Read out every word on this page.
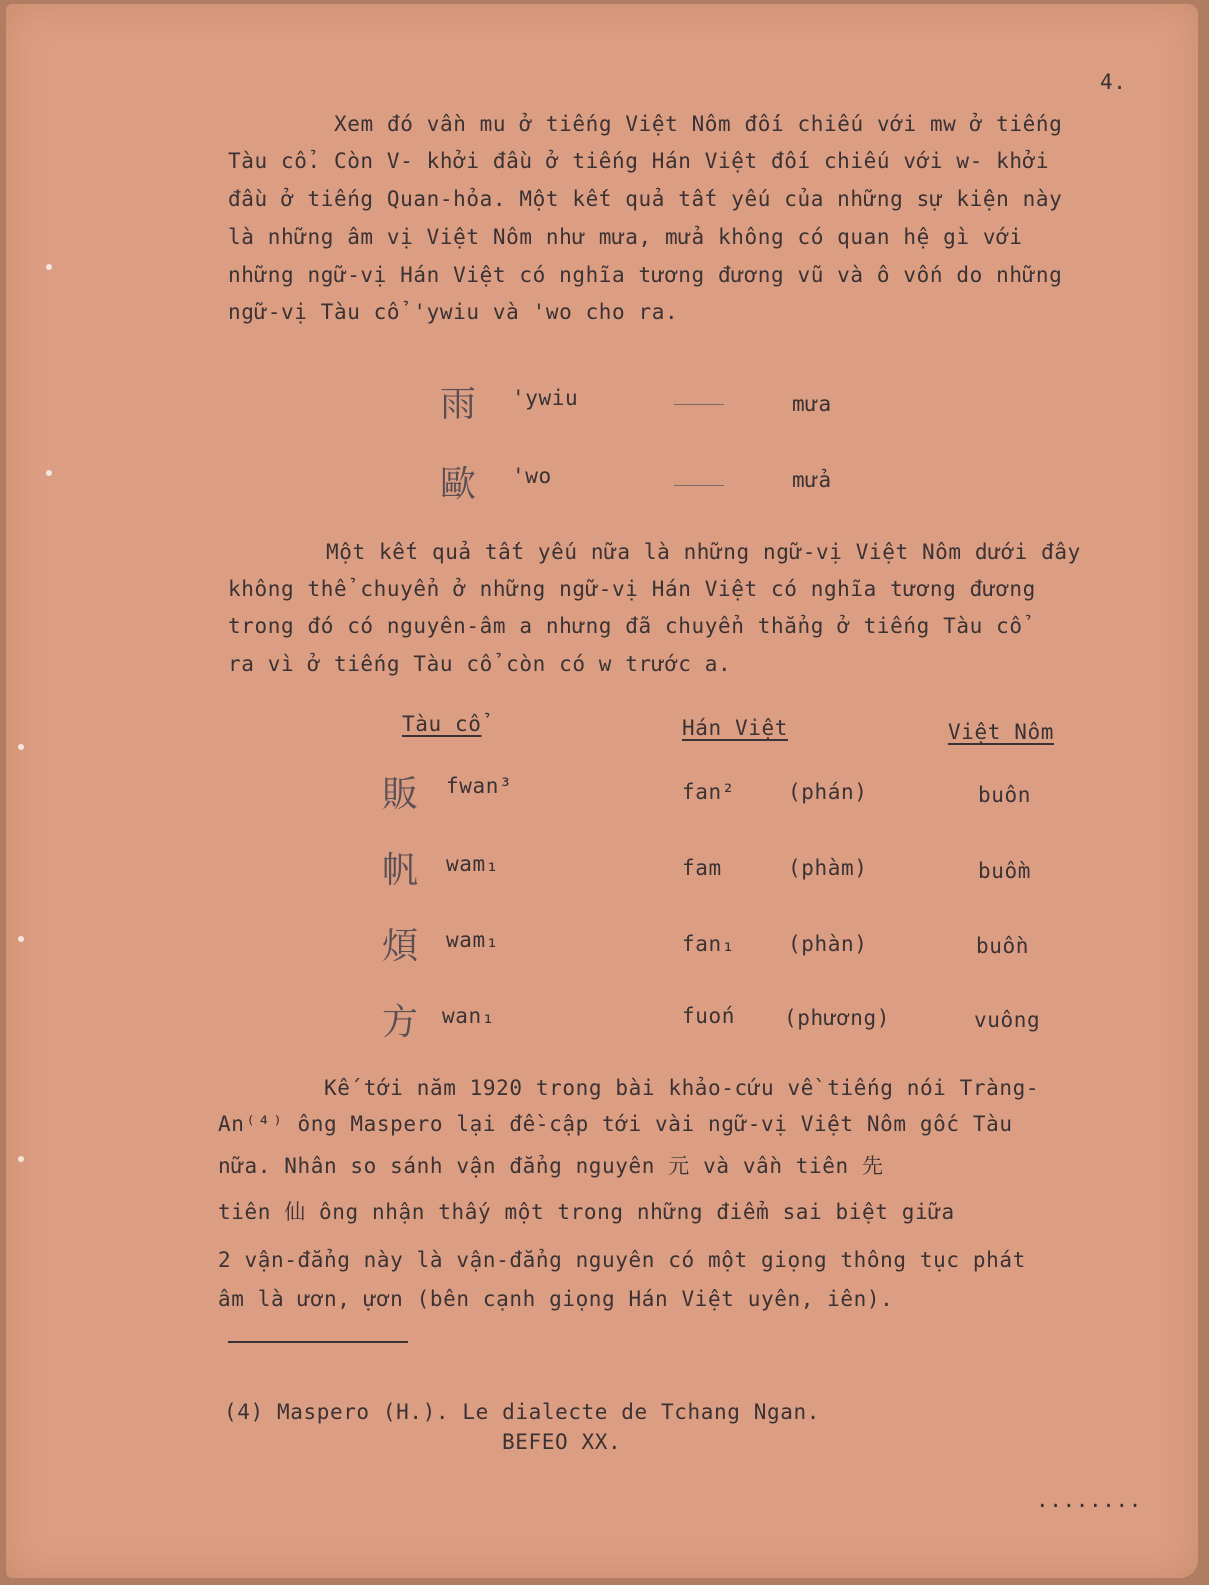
4.
Xem đó vần mu ở tiếng Việt Nôm đối chiếu với mw ở tiếng
Tàu cổ. Còn V- khởi đầu ở tiếng Hán Việt đối chiếu với w- khởi
đầu ở tiếng Quan-hỏa. Một kết quả tất yếu của những sự kiện này
là những âm vị Việt Nôm như mưa, mửa không có quan hệ gì với
những ngữ-vị Hán Việt có nghĩa tương đương vũ và ô vốn do những
ngữ-vị Tàu cổ 'ywiu và 'wo cho ra.
雨 'ywiu	mưa
歐 'wo	mửa
Một kết quả tất yếu nữa là những ngữ-vị Việt Nôm dưới đây
không thể chuyển ở những ngữ-vị Hán Việt có nghĩa tương đương
trong đó có nguyên-âm a nhưng đã chuyển thẳng ở tiếng Tàu cổ
ra vì ở tiếng Tàu cổ còn có w trước a.
Tàu cổ	Hán Việt	Việt Nôm
販 fwan³	fan²	(phán)	buôn
帆 wam₁	fam	(phàm)	buồm
煩 wam₁	fan₁	(phàn)	buồn
方 wan₁	fuoń (phương)	vuông
Kế tới năm 1920 trong bài khảo-cứu về tiếng nói Tràng-
An⁽⁴⁾ ông Maspero lại đề-cập tới vài ngữ-vị Việt Nôm gốc Tàu
nữa. Nhân so sánh vận đẳng nguyên 元 và vần tiên 先
tiên 仙 ông nhận thấy một trong những điểm sai biệt giữa
2 vận-đẳng này là vận-đẳng nguyên có một giọng thông tục phát
âm là ươn, ựơn (bên cạnh giọng Hán Việt uyên, iên).
(4) Maspero (H.). Le dialecte de Tchang Ngan.
BEFEO XX.
........
